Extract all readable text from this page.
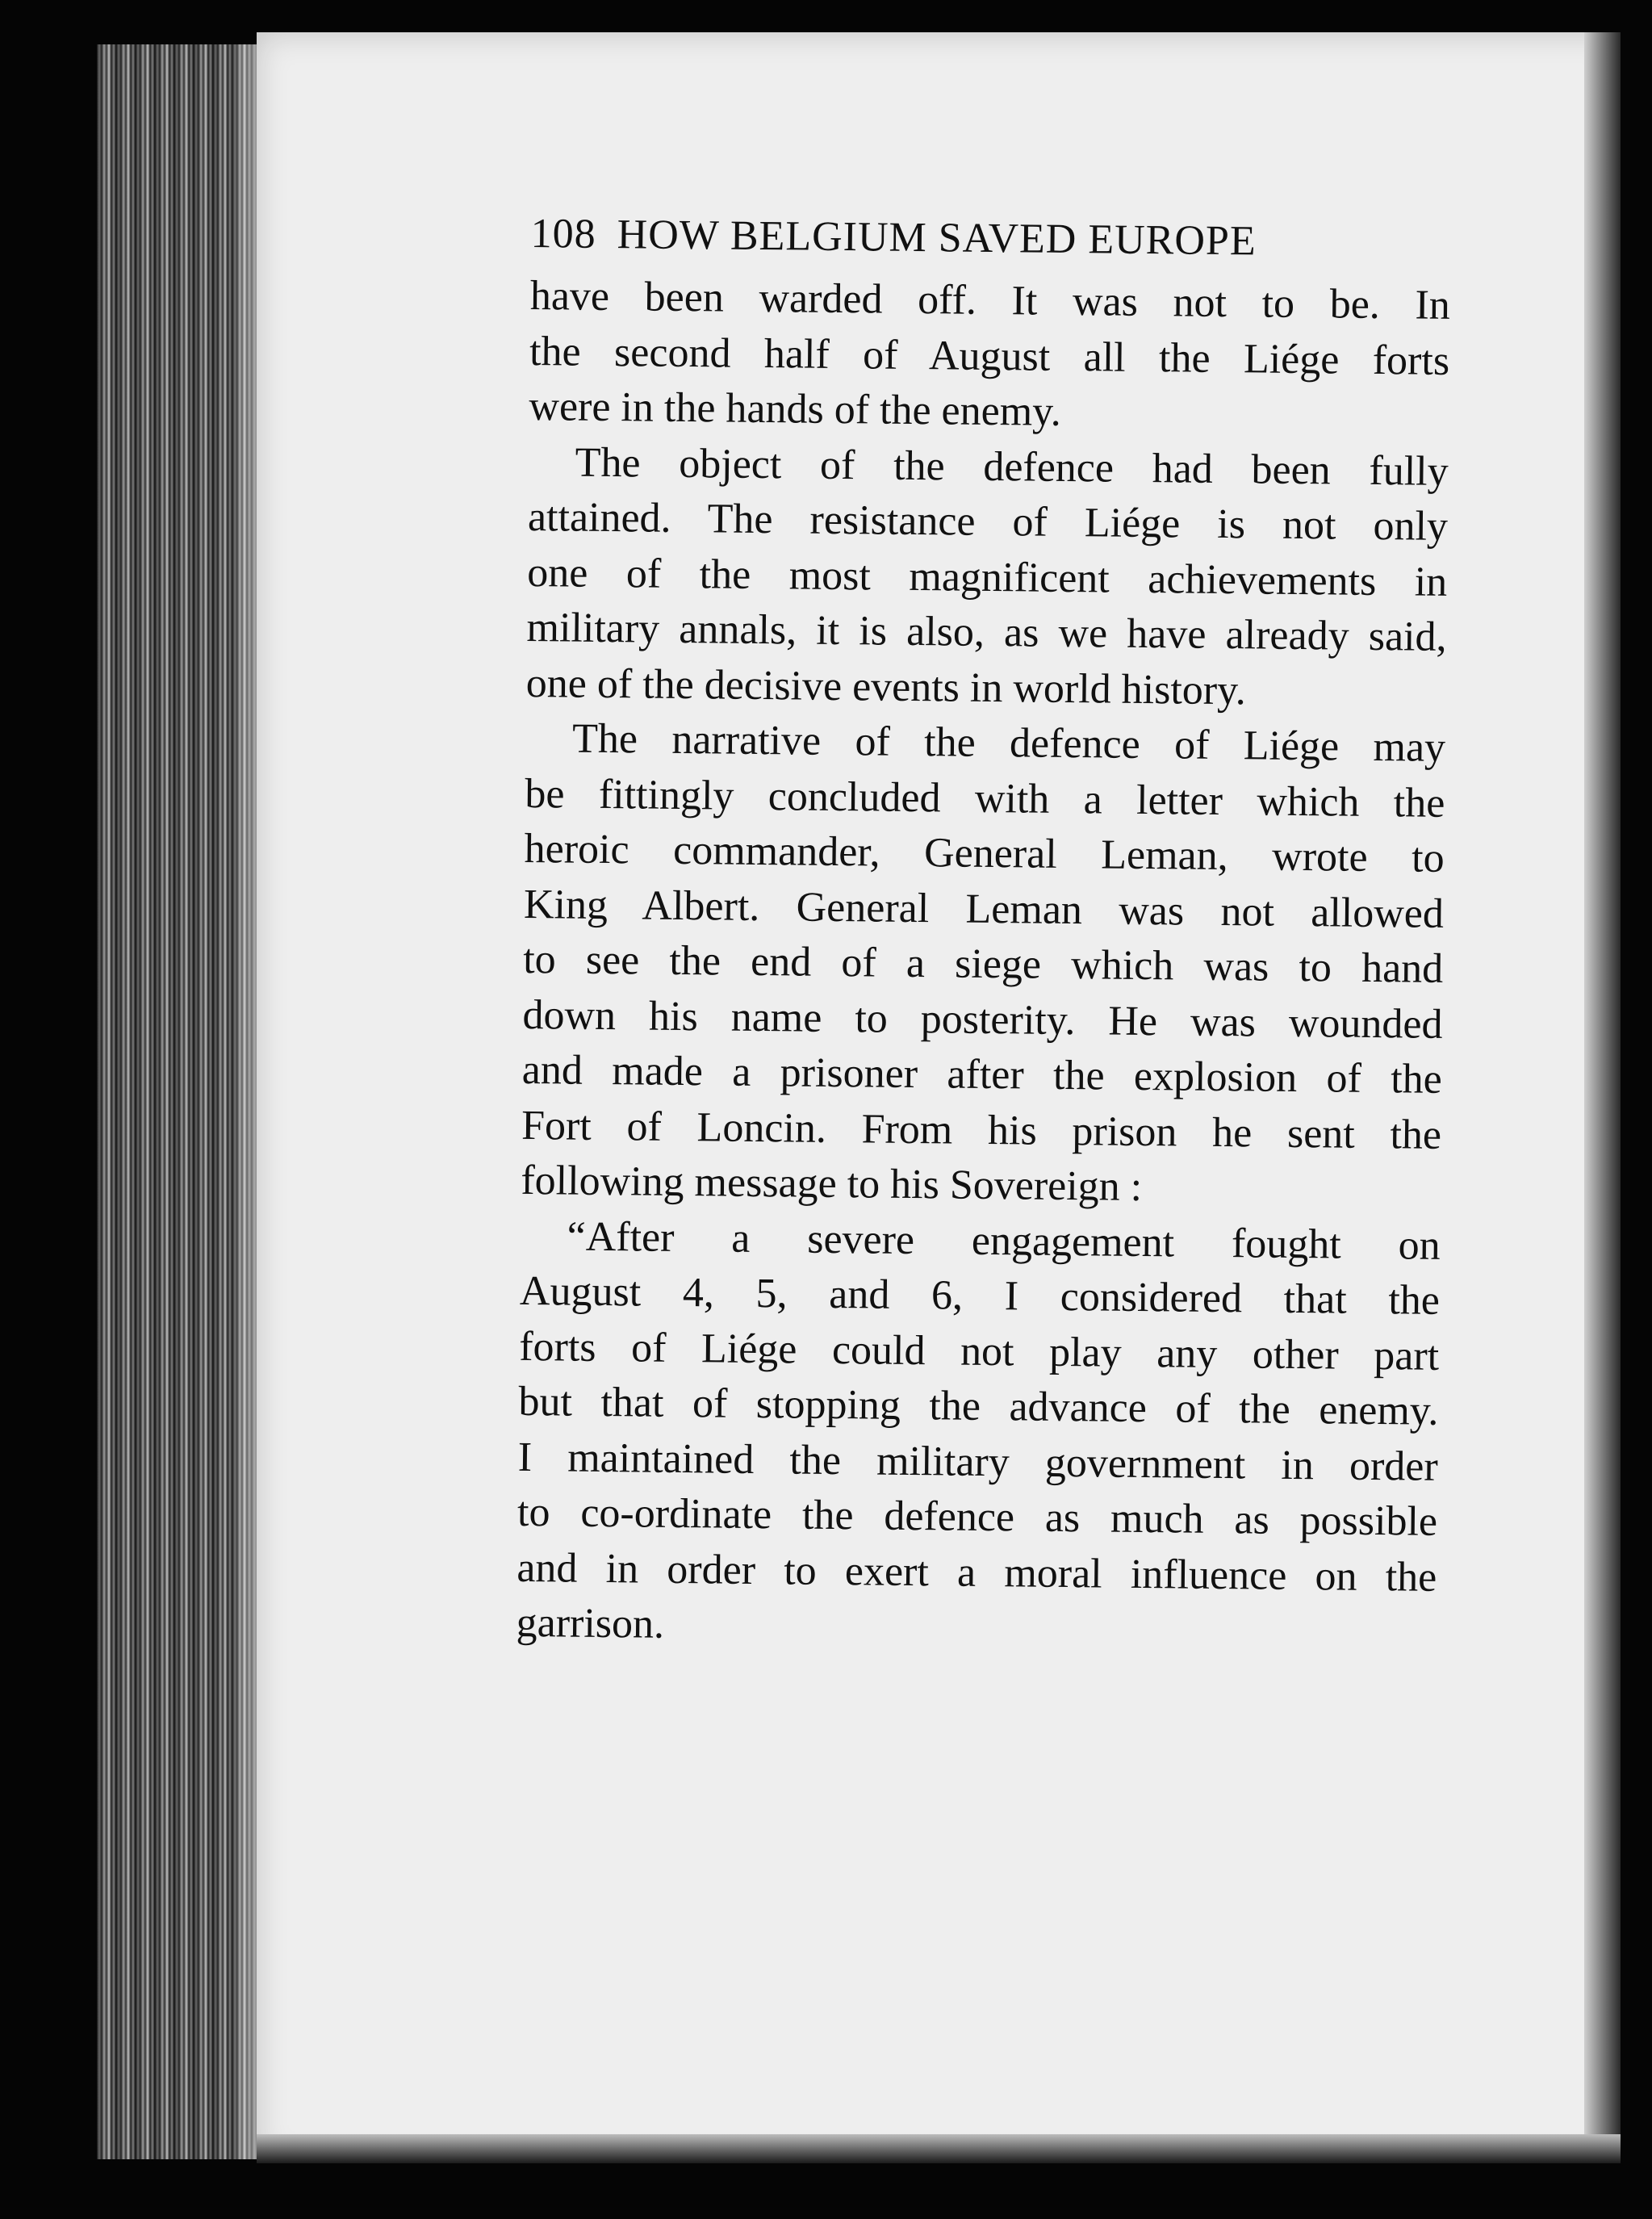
108 HOW BELGIUM SAVED EUROPE

have been warded off. It was not to be. In
the second half of August all the Liége forts
were in the hands of the enemy.

The object of the defence had been fully
attained. The resistance of Liége is not only
one of the most magnificent achievements in
military annals, it is also, as we have already said,
one of the decisive events in world history.

The narrative of the defence of Liége may
be fittingly concluded with a letter which the
heroic commander, General Leman, wrote to
King Albert. General Leman was not allowed
to see the end of a siege which was to hand
down his name to posterity. He was wounded
and made a prisoner after the explosion of the
Fort of Loncin. From his prison he sent the
following message to his Sovereign :

“After a severe engagement fought on
August 4, 5, and 6, I considered that the
forts of Liége could not play any other part
but that of stopping the advance of the enemy.
I maintained the military government in order
to co-ordinate the defence as much as possible
and in order to exert a moral influence on the
garrison.
